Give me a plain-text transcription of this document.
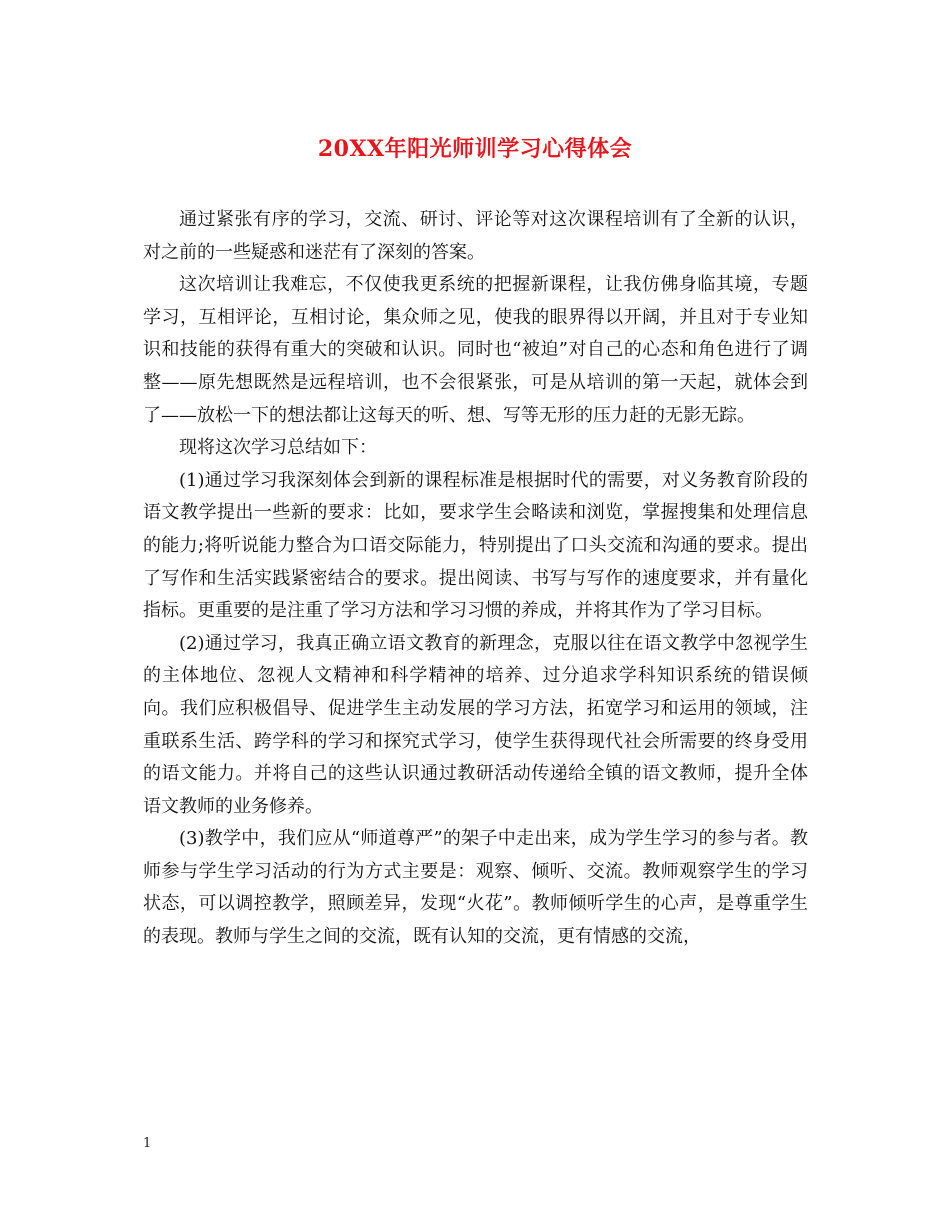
20XX年阳光师训学习心得体会

通过紧张有序的学习，交流、研讨、评论等对这次课程培训有了全新的认识，对之前的一些疑惑和迷茫有了深刻的答案。

这次培训让我难忘，不仅使我更系统的把握新课程，让我仿佛身临其境，专题学习，互相评论，互相讨论，集众师之见，使我的眼界得以开阔，并且对于专业知识和技能的获得有重大的突破和认识。同时也“被迫”对自己的心态和角色进行了调整——原先想既然是远程培训，也不会很紧张，可是从培训的第一天起，就体会到了——放松一下的想法都让这每天的听、想、写等无形的压力赶的无影无踪。

现将这次学习总结如下：

(1)通过学习我深刻体会到新的课程标准是根据时代的需要，对义务教育阶段的语文教学提出一些新的要求：比如，要求学生会略读和浏览，掌握搜集和处理信息的能力;将听说能力整合为口语交际能力，特别提出了口头交流和沟通的要求。提出了写作和生活实践紧密结合的要求。提出阅读、书写与写作的速度要求，并有量化指标。更重要的是注重了学习方法和学习习惯的养成，并将其作为了学习目标。

(2)通过学习，我真正确立语文教育的新理念，克服以往在语文教学中忽视学生的主体地位、忽视人文精神和科学精神的培养、过分追求学科知识系统的错误倾向。我们应积极倡导、促进学生主动发展的学习方法，拓宽学习和运用的领域，注重联系生活、跨学科的学习和探究式学习，使学生获得现代社会所需要的终身受用的语文能力。并将自己的这些认识通过教研活动传递给全镇的语文教师，提升全体语文教师的业务修养。

(3)教学中，我们应从“师道尊严”的架子中走出来，成为学生学习的参与者。教师参与学生学习活动的行为方式主要是：观察、倾听、交流。教师观察学生的学习状态，可以调控教学，照顾差异，发现“火花”。教师倾听学生的心声，是尊重学生的表现。教师与学生之间的交流，既有认知的交流，更有情感的交流，

1
